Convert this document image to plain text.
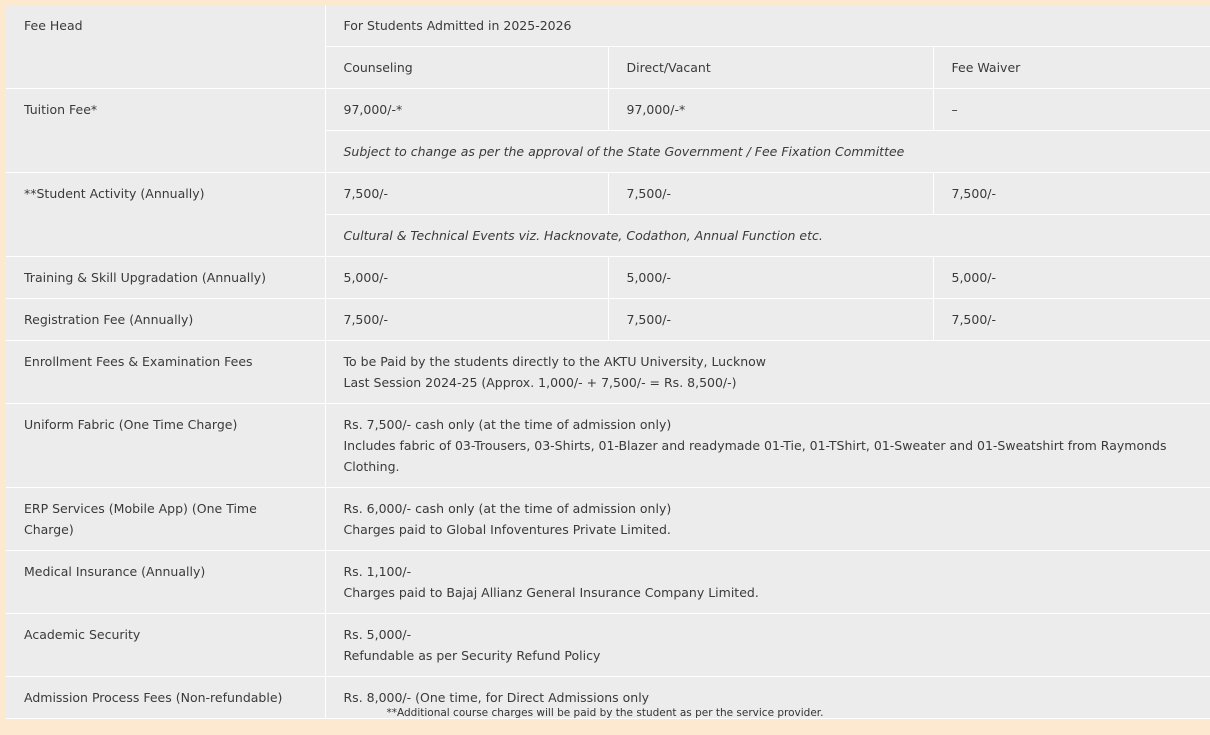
Fee Head	For Students Admitted in 2025-2026		
	Counseling	Direct/Vacant	Fee Waiver
Tuition Fee*	97,000/-*	97,000/-*	–
	Subject to change as per the approval of the State Government / Fee Fixation Committee		
**Student Activity (Annually)	7,500/-	7,500/-	7,500/-
	Cultural & Technical Events viz. Hacknovate, Codathon, Annual Function etc.		
Training & Skill Upgradation (Annually)	5,000/-	5,000/-	5,000/-
Registration Fee (Annually)	7,500/-	7,500/-	7,500/-
Enrollment Fees & Examination Fees	To be Paid by the students directly to the AKTU University, Lucknow
Last Session 2024-25 (Approx. 1,000/- + 7,500/- = Rs. 8,500/-)		

Uniform Fabric (One Time Charge)	Rs. 7,500/- cash only (at the time of admission only)
Includes fabric of 03-Trousers, 03-Shirts, 01-Blazer and readymade 01-Tie, 01-TShirt, 01-Sweater and 01-Sweatshirt from Raymonds Clothing.		

ERP Services (Mobile App) (One Time Charge)	Rs. 6,000/- cash only (at the time of admission only)
Charges paid to Global Infoventures Private Limited.		

Medical Insurance (Annually)	Rs. 1,100/-
Charges paid to Bajaj Allianz General Insurance Company Limited.		

Academic Security	Rs. 5,000/-
Refundable as per Security Refund Policy		

Admission Process Fees (Non-refundable)	Rs. 8,000/- (One time, for Direct Admissions only		
**Additional course charges will be paid by the student as per the service provider.
